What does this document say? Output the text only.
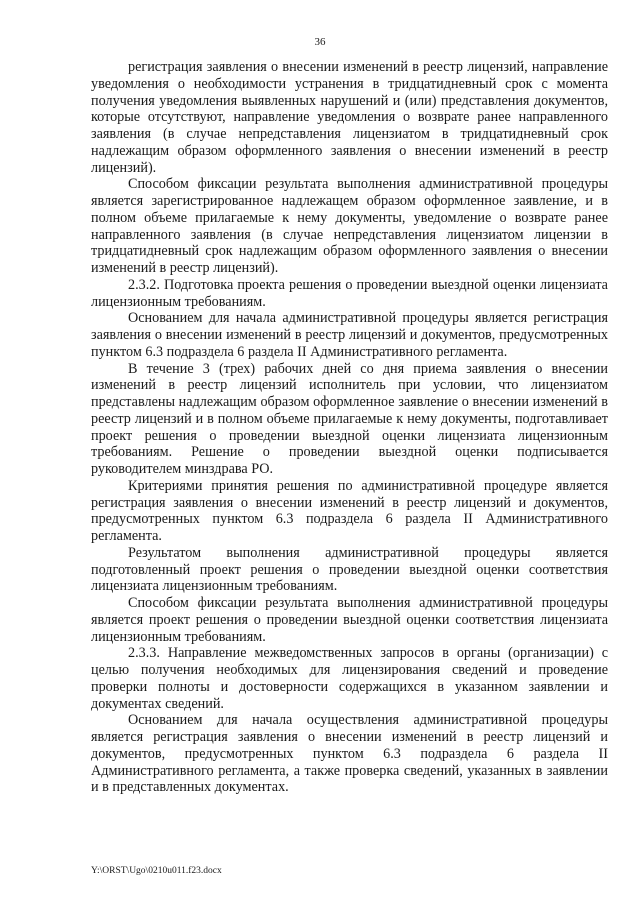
36

регистрация заявления о внесении изменений в реестр лицензий, направление уведомления о необходимости устранения в тридцатидневный срок с момента получения уведомления выявленных нарушений и (или) представления документов, которые отсутствуют, направление уведомления о возврате ранее направленного заявления (в случае непредставления лицензиатом в тридцатидневный срок надлежащим образом оформленного заявления о внесении изменений в реестр лицензий).

Способом фиксации результата выполнения административной процедуры является зарегистрированное надлежащем образом оформленное заявление, и в полном объеме прилагаемые к нему документы, уведомление о возврате ранее направленного заявления (в случае непредставления лицензиатом лицензии в тридцатидневный срок надлежащим образом оформленного заявления о внесении изменений в реестр лицензий).

2.3.2. Подготовка проекта решения о проведении выездной оценки лицензиата лицензионным требованиям.

Основанием для начала административной процедуры является регистрация заявления о внесении изменений в реестр лицензий и документов, предусмотренных пунктом 6.3 подраздела 6 раздела II Административного регламента.

В течение 3 (трех) рабочих дней со дня приема заявления о внесении изменений в реестр лицензий исполнитель при условии, что лицензиатом представлены надлежащим образом оформленное заявление о внесении изменений в реестр лицензий и в полном объеме прилагаемые к нему документы, подготавливает проект решения о проведении выездной оценки лицензиата лицензионным требованиям. Решение о проведении выездной оценки подписывается руководителем минздрава РО.

Критериями принятия решения по административной процедуре является регистрация заявления о внесении изменений в реестр лицензий и документов, предусмотренных пунктом 6.3 подраздела 6 раздела II Административного регламента.

Результатом выполнения административной процедуры является подготовленный проект решения о проведении выездной оценки соответствия лицензиата лицензионным требованиям.

Способом фиксации результата выполнения административной процедуры является проект решения о проведении выездной оценки соответствия лицензиата лицензионным требованиям.

2.3.3. Направление межведомственных запросов в органы (организации) с целью получения необходимых для лицензирования сведений и проведение проверки полноты и достоверности содержащихся в указанном заявлении и документах сведений.

Основанием для начала осуществления административной процедуры является регистрация заявления о внесении изменений в реестр лицензий и документов, предусмотренных пунктом 6.3 подраздела 6 раздела II Административного регламента, а также проверка сведений, указанных в заявлении и в представленных документах.

Y:\ORST\Ugo\0210u011.f23.docx
